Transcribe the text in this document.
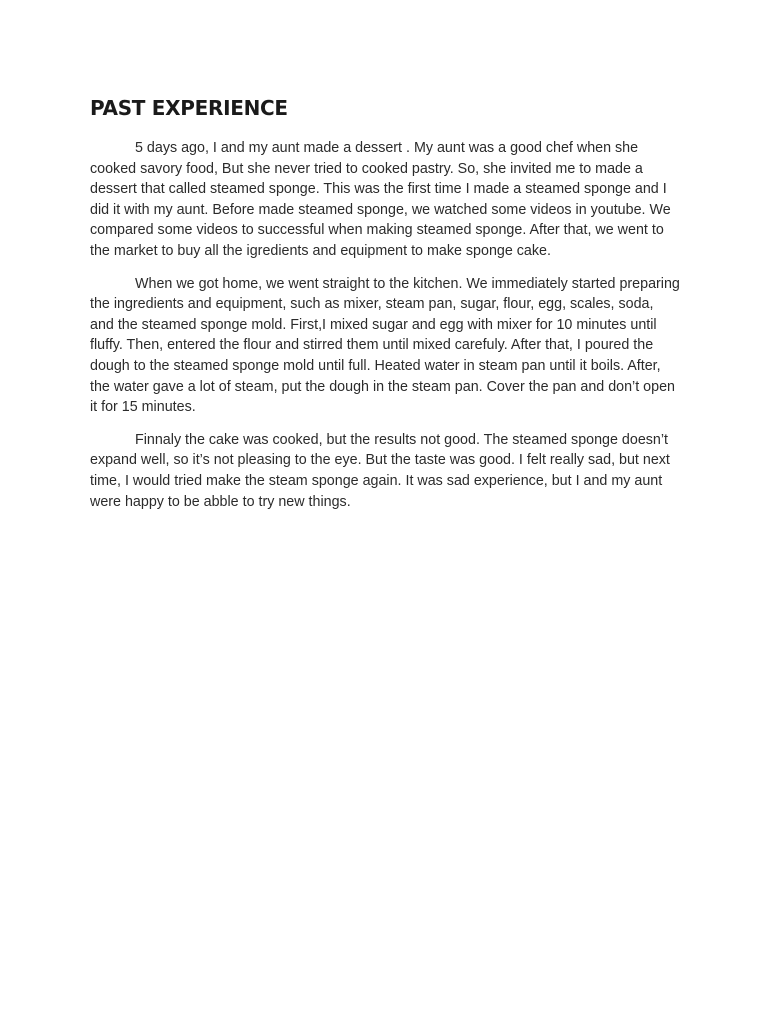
PAST EXPERIENCE

5 days ago, I and my aunt made a dessert . My aunt was a good chef when she cooked savory food, But she never tried to cooked pastry. So, she invited me to made a dessert that called steamed sponge. This was the first time I made a steamed sponge and I did it with my aunt. Before made steamed sponge, we watched some videos in youtube. We compared some videos to successful when making steamed sponge. After that, we went to the market to buy all the igredients and equipment to make sponge cake.

When we got home, we went straight to the kitchen. We immediately started preparing the ingredients and equipment, such as mixer, steam pan, sugar, flour, egg, scales, soda, and the steamed sponge mold. First,I mixed sugar and egg with mixer for 10 minutes until fluffy. Then, entered the flour and stirred them until mixed carefuly. After that, I poured the dough to the steamed sponge mold until full. Heated water in steam pan until it boils. After, the water gave a lot of steam, put the dough in the steam pan. Cover the pan and don’t open it for 15 minutes.

Finnaly the cake was cooked, but the results not good. The steamed sponge doesn’t expand well, so it’s not pleasing to the eye. But the taste was good. I felt really sad, but next time, I would tried make the steam sponge again. It was sad experience, but I and my aunt were happy to be abble to try new things.
